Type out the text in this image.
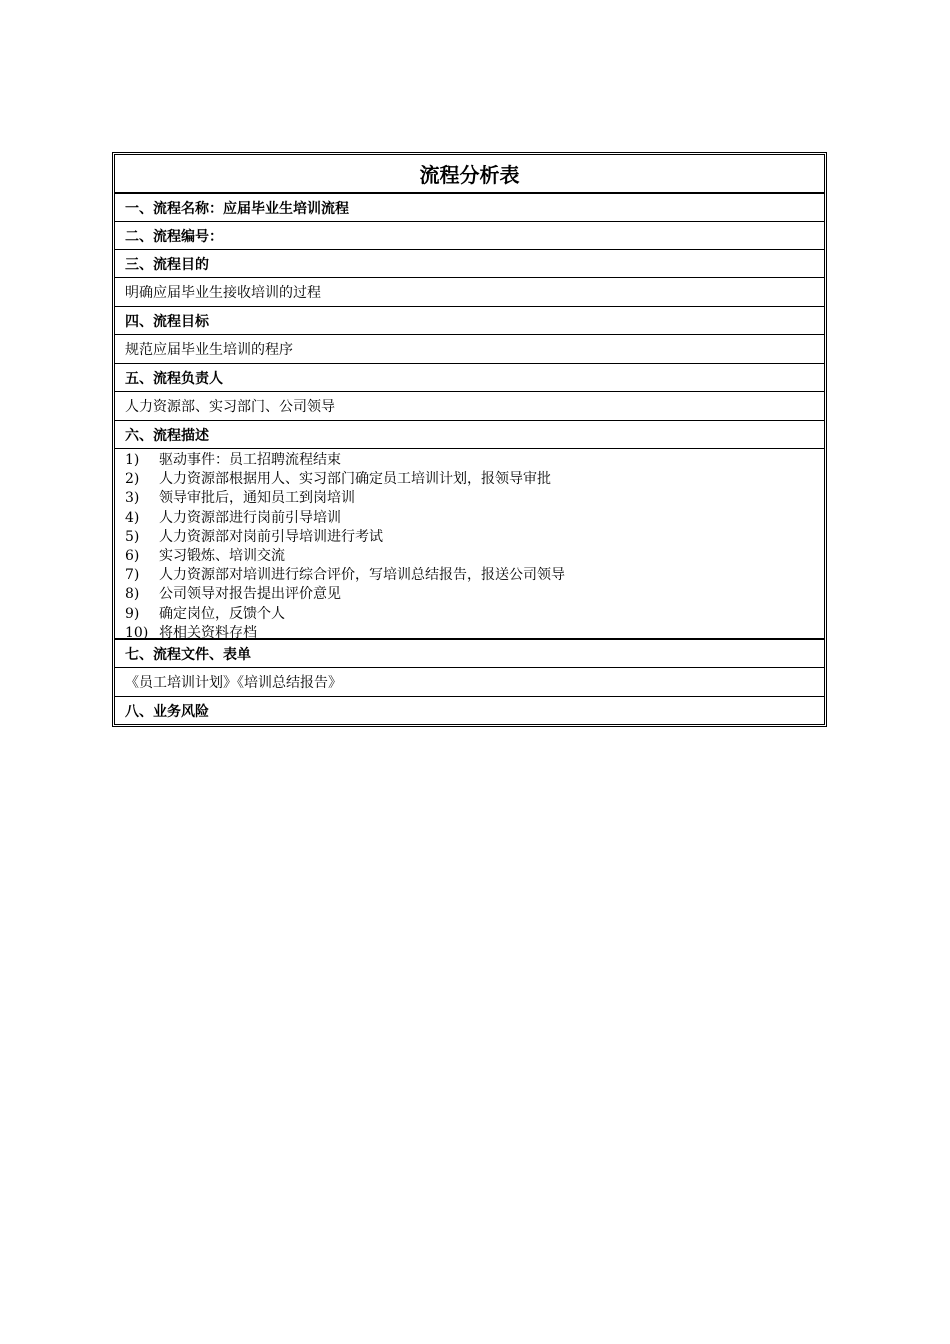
流程分析表
一、流程名称：应届毕业生培训流程
二、流程编号：
三、流程目的
明确应届毕业生接收培训的过程
四、流程目标
规范应届毕业生培训的程序
五、流程负责人
人力资源部、实习部门、公司领导
六、流程描述
1)	驱动事件：员工招聘流程结束
2)	人力资源部根据用人、实习部门确定员工培训计划，报领导审批
3)	领导审批后，通知员工到岗培训
4)	人力资源部进行岗前引导培训
5)	人力资源部对岗前引导培训进行考试
6)	实习锻炼、培训交流
7)	人力资源部对培训进行综合评价，写培训总结报告，报送公司领导
8)	公司领导对报告提出评价意见
9)	确定岗位，反馈个人
10) 将相关资料存档
七、流程文件、表单
《员工培训计划》《培训总结报告》
八、业务风险
